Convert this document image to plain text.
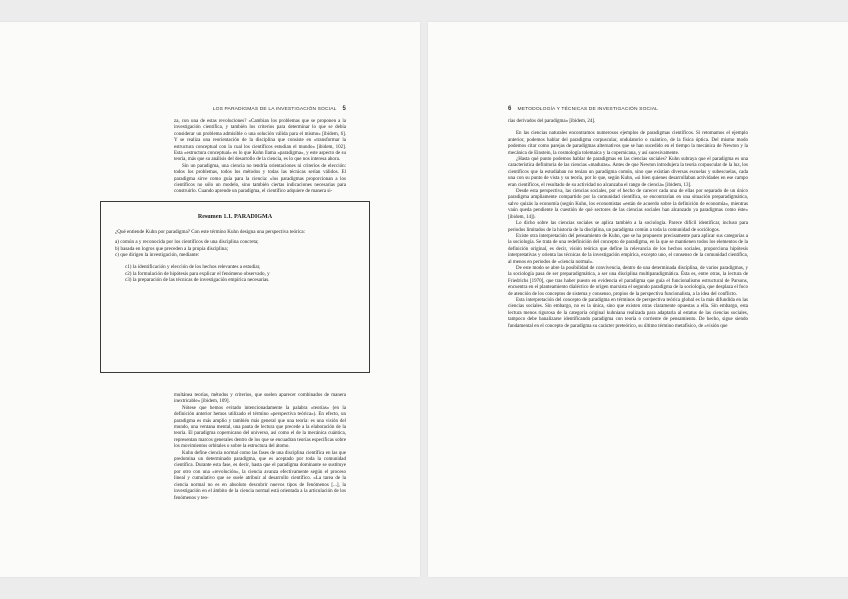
LOS PARADIGMAS DE LA INVESTIGACIÓN SOCIAL 5

za, con una de estas revoluciones? «Cambian los problemas que se proponen a la investigación científica, y también los criterios para determinar lo que se debía considerar un problema admisible o una solución válida para el mismo» [ibidem, 6]. Y se realiza una reorientación de la disciplina que consiste en «transformar la estructura conceptual con la cual los científicos estudian el mundo» [ibidem, 102]. Esta «estructura conceptual» es lo que Kuhn llama «paradigma», y este aspecto de su teoría, más que su análisis del desarrollo de la ciencia, es lo que nos interesa ahora.

Sin un paradigma, una ciencia no tendría orientaciones ni criterios de elección: todos los problemas, todos los métodos y todas las técnicas serían válidos. El paradigma sirve como guía para la ciencia: «los paradigmas proporcionan a los científicos no sólo un modelo, sino también ciertas indicaciones necesarias para construirlo. Cuando aprende un paradigma, el científico adquiere de manera si-

Resumen 1.1. PARADIGMA

¿Qué entiende Kuhn por paradigma? Con este término Kuhn designa una perspectiva teórica:

a) común a y reconocida por los científicos de una disciplina concreta;

b) basada en logros que preceden a la propia disciplina;

c) que dirigen la investigación, mediante:

c1) la identificación y elección de los hechos relevantes a estudiar,

c2) la formulación de hipótesis para explicar el fenómeno observado, y

c3) la preparación de las técnicas de investigación empírica necesarias.

multánea teorías, métodos y criterios, que suelen aparecer combinados de manera inextricable» [ibidem, 109].

Nótese que hemos evitado intencionadamente la palabra «teorías» (en la definición anterior hemos utilizado el término «perspectiva teórica»). En efecto, un paradigma es más amplio y también más general que una teoría: es una visión del mundo, una ventana mental, una pauta de lectura que precede a la elaboración de la teoría. El paradigma copernicano del universo, así como el de la mecánica cuántica, representan marcos generales dentro de los que se encuadran teorías específicas sobre los movimientos orbitales o sobre la estructura del átomo.

Kuhn define ciencia normal como las fases de una disciplina científica en las que predomina un determinado paradigma, que es aceptado por toda la comunidad científica. Durante esta fase, es decir, hasta que el paradigma dominante se sustituye por otro con una «revolución», la ciencia avanza efectivamente según el proceso lineal y cumulativo que se suele atribuir al desarrollo científico. «La tarea de la ciencia normal no es en absoluto descubrir nuevos tipos de fenómenos [...], la investigación en el ámbito de la ciencia normal está orientada a la articulación de los fenómenos y teo-

6 METODOLOGÍA Y TÉCNICAS DE INVESTIGACIÓN SOCIAL

rías derivados del paradigma» [ibidem, 24].

En las ciencias naturales encontramos numerosos ejemplos de paradigmas científicos. Si retomamos el ejemplo anterior, podemos hablar del paradigma corpuscular, ondulatorio o cuántico, de la física óptica. Del mismo modo podemos citar como parejas de paradigmas alternativos que se han sucedido en el tiempo la mecánica de Newton y la mecánica de Einstein, la cosmología tolemaica y la copernicana, y así sucesivamente.

¿Hasta qué punto podemos hablar de paradigmas en las ciencias sociales? Kuhn subraya que el paradigma es una característica definitoria de las ciencias «maduras». Antes de que Newton introdujera la teoría corpuscular de la luz, los científicos que la estudiaban no tenían un paradigma común, sino que existían diversas escuelas y subescuelas, cada una con su punto de vista y su teoría, por lo que, según Kuhn, «si bien quienes desarrollaban actividades en ese campo eran científicos, el resultado de su actividad no alcanzaba el rango de ciencia» [ibidem, 13].

Desde esta perspectiva, las ciencias sociales, por el hecho de carecer cada una de ellas por separado de un único paradigma ampliamente compartido por la comunidad científica, se encontrarían en una situación preparadigmática, salvo quizás la economía (según Kuhn, los economistas «están de acuerdo sobre la definición de economía», mientras vaún queda pendiente la cuestión de qué sectores de las ciencias sociales han alcanzado ya paradigmas como éste» [ibidem, 14]).

Lo dicho sobre las ciencias sociales se aplica también a la sociología. Parece difícil identificar, incluso para periodos limitados de la historia de la disciplina, un paradigma común a toda la comunidad de sociólogos.

Existe otra interpretación del pensamiento de Kuhn, que se ha propuesto precisamente para aplicar sus categorías a la sociología. Se trata de una redefinición del concepto de paradigma, en la que se mantienen todos los elementos de la definición original, es decir, visión teórica que define la relevancia de los hechos sociales, proporciona hipótesis interpretativas y orienta las técnicas de la investigación empírica, excepto uno, el consenso de la comunidad científica, al menos en periodos de «ciencia normal».

De este modo se abre la posibilidad de convivencia, dentro de una determinada disciplina, de varios paradigmas, y la sociología pasa de ser preparadigmática, a ser una disciplina multiparadigmática. Ésta es, entre otras, la lectura de Friedrichs [1970], que tras haber puesto en evidencia el paradigma que guía el funcionalismo estructural de Parsons, encuentra en el planteamiento dialéctico de origen marxista el segundo paradigma de la sociología, que desplaza el foco de atención de los conceptos de sistema y consenso, propios de la perspectiva funcionalista, a la idea del conflicto.

Esta interpretación del concepto de paradigma en términos de perspectiva teórica global es la más difundida en las ciencias sociales. Sin embargo, no es la única, sino que existen otras claramente opuestas a ella. Sin embargo, esta lectura menos rigurosa de la categoría original kuhniana realizada para adaptarla al estatus de las ciencias sociales, tampoco debe banalizarse identificando paradigma con teoría o corriente de pensamiento. De hecho, sigue siendo fundamental en el concepto de paradigma su carácter preteórico, su último término metafísico, de «visión que
